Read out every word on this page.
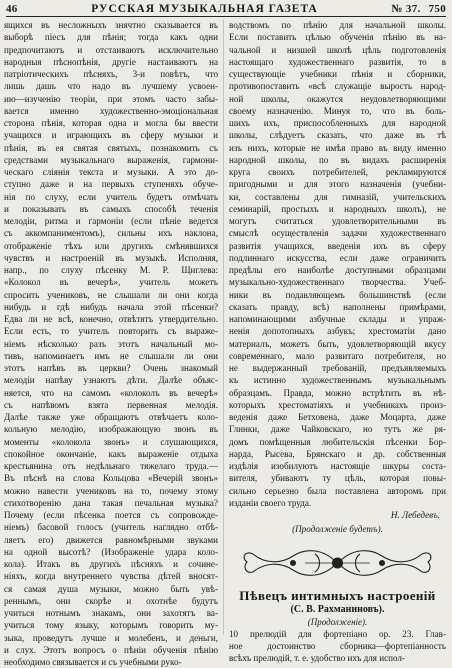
46	РУССКАЯ МУЗЫКАЛЬНАЯ ГАЗЕТА	№ 37. 750
ящихся въ несложныхъ знячтно сказывается въ
выборѣ пiесъ для пѣнiя; тогда какъ одни
предпочитаютъ и отстаиваютъ исключительно
народныя пѣснопѣнiя, другiе настаиваютъ на
патрiотическихъ пѣсняхъ, 3-и повѣтъ, что
лишь дашь что надо въ лучшему усвоен-
ию—изученiю теорiи, при этомъ часто забы-
вается именно художественно-эмоцiональная
сторона пѣнiя, которая одна и могла бы ввести
учащихся и играющихъ въ сферу музыки и
пѣнiя, въ ея святая святыхъ, познакомить съ
средствами музыкальнаго выраженiя, гармони-
ческаго слiянiя текста и музыки. А это до-
ступно даже и на первыхъ ступеняхъ обуче-
нiя по слуху, если учитель будетъ отмѣчать
и показывать въ самыхъ способѣ теченiя
мелодiи, ритма и гармонiи (если пѣнiе ведется
съ аккомпаниментомъ), сильны ихъ наклона,
отображенiе тѣхъ или другихъ смѣнявшихся
чувствъ и настроенiй въ музыкѣ. Исполняя,
напр., по слуху пѣсенку М. Р. Щиглева:
«Колокол въ вечерѣ», учитель можетъ
спросить учениковъ, не слышали ли они когда
нибудь и гдѣ нибудь начала этой пѣсенки?
Едва ли не всѣ, конечно, отвѣтятъ утвердительно.
Если есть, то учитель повторить съ выраже-
нiемъ нѣсколько разъ этотъ начальный мо-
тивъ, напоминаетъ имъ не слышали ли они
этотъ напѣвъ въ церкви? Очень знакомый
мелодiи напѣву узнаютъ дѣти. Далѣе объяс-
няется, что на самомъ «колоколъ въ вечерѣ»
съ напѣвомъ взята первенная мелодiя.
Далѣе также уже обращаютъ отвѣчаетъ коло-
кольную мелодiю, изображающую звонъ въ
моменты «колокола звонъ» и слушающихся,
спокойное окончанiе, какъ выраженiе отдыха
крестьянина отъ недѣльнаго тяжелаго труда.—
Въ пѣснѣ на слова Кольцова «Вечерiй звонъ»
можно навести учениковъ на то, почему этому
стихотворенiю дана такая печальная музыка?
Почему (если пѣсенка поется съ сопровожде-
нiемъ) басовой голосъ (учитель наглядно отбѣ-
ляетъ его) движется равномѣрными звуками
на одной высотѣ? (Изображенiе удара коло-
кола). Итакъ въ другихъ пѣсняхъ и сочине-
нiяхъ, когда внутреннего чувства дѣтей вносят-
ся самая душа музыки, можно быть увѣ-
реннымъ, они скорѣе и охотнѣе будутъ
учиться нотнымъ знакамъ, они захотятъ ва-
учиться тому языку, которымъ говорить му-
зыка, проведутъ лучше и молебенъ, и деньги,
и слух. Этотъ вопросъ о пѣнiи обученiя пѣнiю
необходимо связывается и съ учебными руко-
водствомъ по пѣнiю для начальной школы.
Если поставить цѣлью обученiя пѣнiю въ на-
чальной и низшей школѣ цѣль подготовленiя
настоящаго художественнаго развитiя, то в
существующiе учебники пѣнiя и сборники,
противопоставить «всѣ служащiе вырость народ-
ной школы, окажутся неудовлетворяющими
своему назначенiю. Минуя то, что въ боль-
шихъ ихъ, приспособленныхъ для народной
школы, слѣдуетъ сказать, что даже въ тѣ
изъ нихъ, которые не имѣя право въ виду именно
народной школы, по въ видахъ расширенiя
круга своихъ потребителей, рекламируются
пригодными и для этого назначенiя (учебни-
ки, составлены для гимназiй, учительскихъ
семинарiй, простыхъ и народныхъ школъ), не
могутъ считаться удовлетворительными въ
смыслѣ осуществленiя задачи художественнаго
развитiя учащихся, введенiя ихъ въ сферу
подлиннаго искусства, если даже ограничить
предѣлы его наиболѣе доступными образцами
музыкально-художественнаго творчества. Учеб-
ники въ подавляющемъ большинствѣ (если
сказать правду, всѣ) наполнены примѣрами,
напоминающими азбучные склады и упраж-
ненiя допотопныхъ азбукъ; хрестоматiи дано
материалъ, можетъ быть, удовлетворяющiй вкусу
современнаго, мало развитаго потребителя, но
не выдержанный требованiй, предъявляемыхъ
къ истинно художественнымъ музыкальнымъ
образцамъ. Правда, можно встрѣтить въ нѣ-
которыхъ хрестоматiяхъ и учебникахъ произ-
веденiя даже Бетховена, даже Моцарта, даже
Глинки, даже Чайковскаго, но тутъ же ря-
домъ помѣщенныя любительскiя пѣсенки Бор-
нарда, Рысева, Брянскаго и др. собственныя
издѣлiя изобилуютъ настоящiе шкуры соста-
вителя, убиваютъ ту цѣль, которая повы-
сильно серьезно была поставлена авторомъ при
изданiи своего труда.
Н. Лебедевъ.
(Продолженiе будетъ).
Пѣвецъ интимныхъ настроенiй
(С. В. Рахманиновъ).
(Продолженiе).
10 прелюдiй для фортепiано ор. 23. Глав-
ное достоинство сборника—фортепiанность
всѣхъ прелюдiй, т. е. удобство ихъ для испол-
